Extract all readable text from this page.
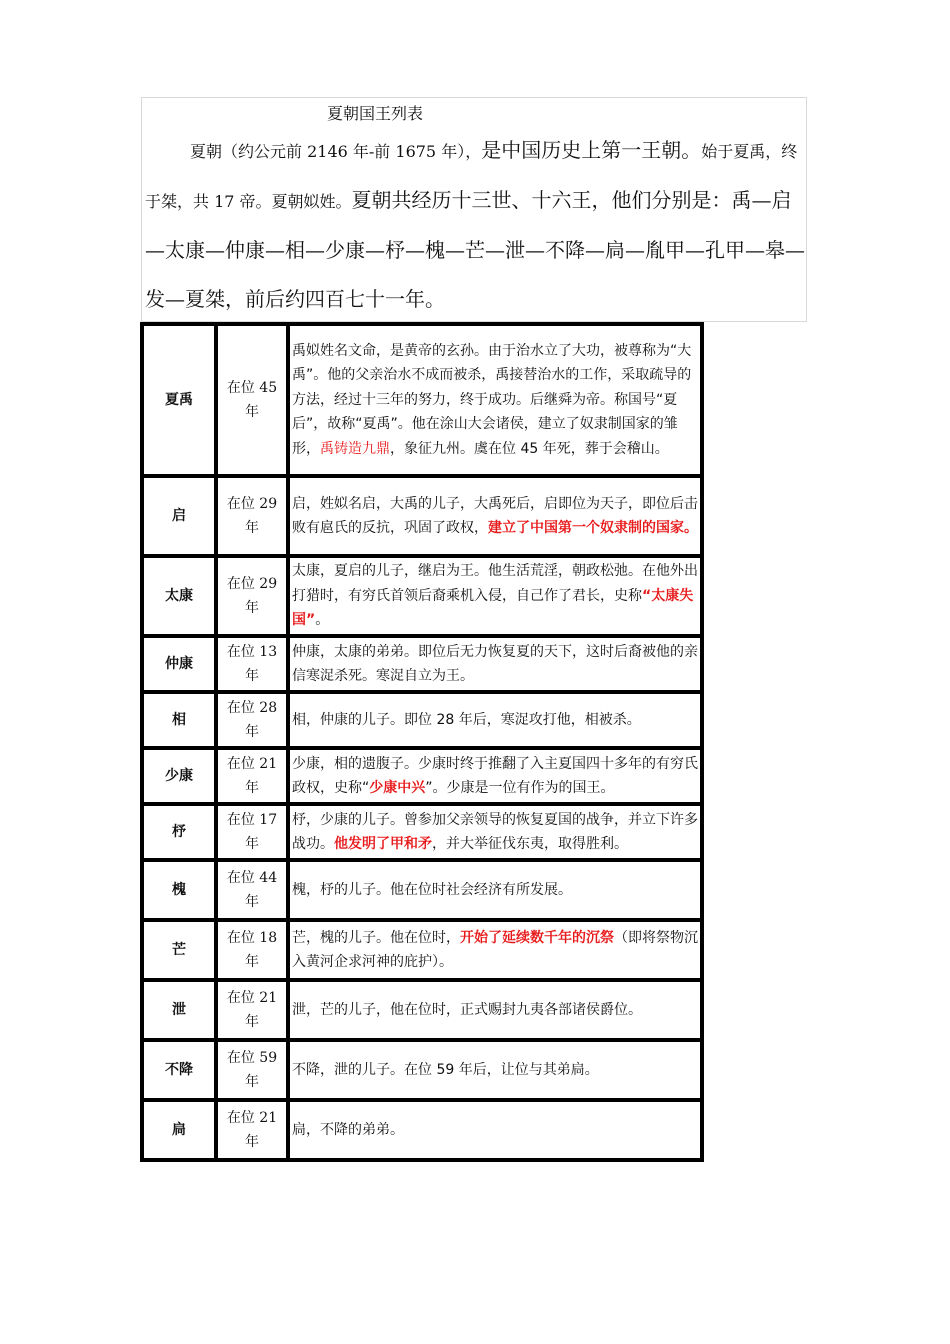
夏朝国王列表
夏朝（约公元前 2146 年-前 1675 年），是中国历史上第一王朝。始于夏禹，终于桀，共 17 帝。夏朝姒姓。夏朝共经历十三世、十六王，他们分别是：禹—启—太康—仲康—相—少康—杼—槐—芒—泄—不降—扃—胤甲—孔甲—皋—发—夏桀，前后约四百七十一年。
夏禹	在位 45 年	禹姒姓名文命，是黄帝的玄孙。由于治水立了大功，被尊称为“大禹”。他的父亲治水不成而被杀，禹接替治水的工作，采取疏导的方法，经过十三年的努力，终于成功。后继舜为帝。称国号“夏后”，故称“夏禹”。他在涂山大会诸侯，建立了奴隶制国家的雏形，禹铸造九鼎，象征九州。虞在位 45 年死，葬于会稽山。
启	在位 29 年	启，姓姒名启，大禹的儿子，大禹死后，启即位为天子，即位后击败有扈氏的反抗，巩固了政权，建立了中国第一个奴隶制的国家。
太康	在位 29 年	太康，夏启的儿子，继启为王。他生活荒淫，朝政松弛。在他外出打猎时，有穷氏首领后裔乘机入侵，自己作了君长，史称“太康失国”。
仲康	在位 13 年	仲康，太康的弟弟。即位后无力恢复夏的天下，这时后裔被他的亲信寒浞杀死。寒浞自立为王。
相	在位 28 年	相，仲康的儿子。即位 28 年后，寒浞攻打他，相被杀。
少康	在位 21 年	少康，相的遗腹子。少康时终于推翻了入主夏国四十多年的有穷氏政权，史称“少康中兴”。少康是一位有作为的国王。
杼	在位 17 年	杼，少康的儿子。曾参加父亲领导的恢复夏国的战争，并立下许多战功。他发明了甲和矛，并大举征伐东夷，取得胜利。
槐	在位 44 年	槐，杼的儿子。他在位时社会经济有所发展。
芒	在位 18 年	芒，槐的儿子。他在位时，开始了延续数千年的沉祭（即将祭物沉入黄河企求河神的庇护）。
泄	在位 21 年	泄，芒的儿子，他在位时，正式赐封九夷各部诸侯爵位。
不降	在位 59 年	不降，泄的儿子。在位 59 年后，让位与其弟扃。
扃	在位 21 年	扃，不降的弟弟。
